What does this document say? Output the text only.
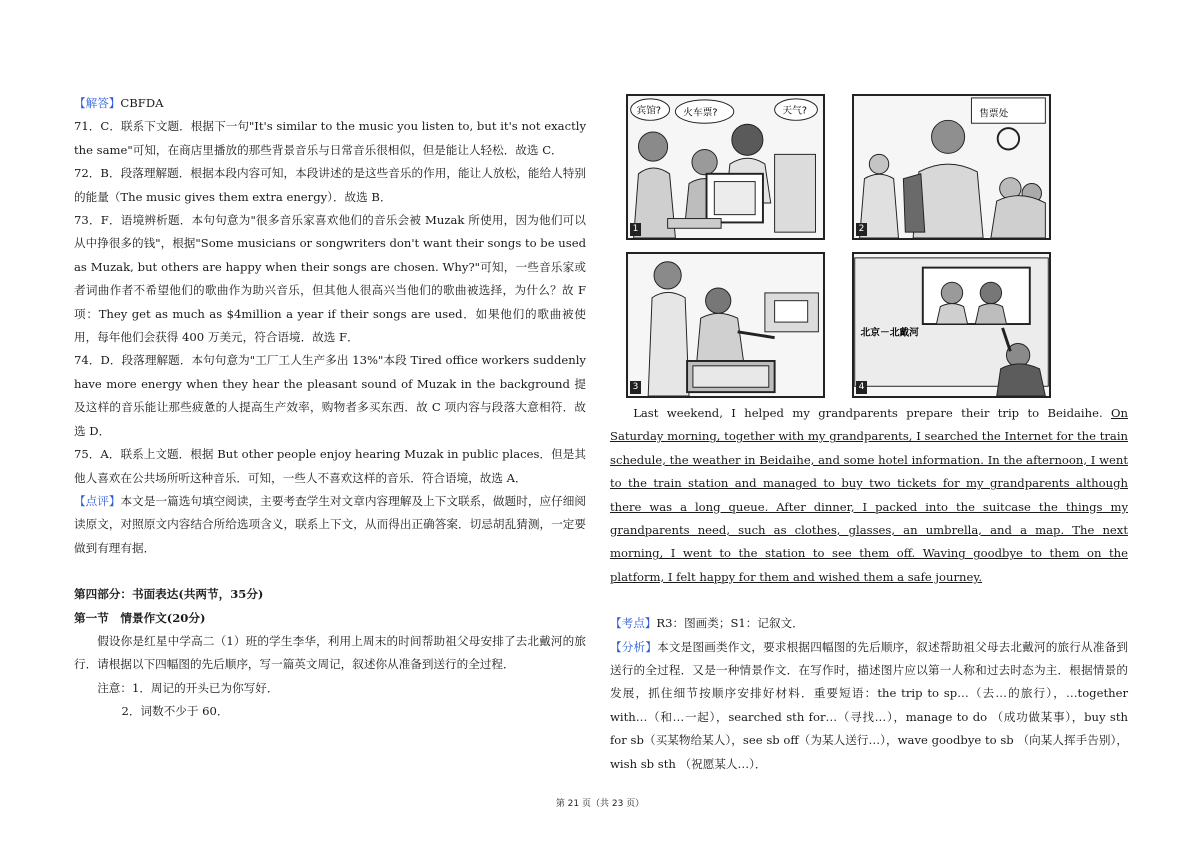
【解答】CBFDA

71．C．联系下文题．根据下一句"It's similar to the music you listen to, but it's not exactly the same"可知，在商店里播放的那些背景音乐与日常音乐很相似，但是能让人轻松．故选 C．

72．B．段落理解题．根据本段内容可知，本段讲述的是这些音乐的作用，能让人放松，能给人特别的能量（The music gives them extra energy）．故选 B．

73．F．语境辨析题．本句句意为"很多音乐家喜欢他们的音乐会被 Muzak 所使用，因为他们可以从中挣很多的钱"，根据"Some musicians or songwriters don't want their songs to be used as Muzak, but others are happy when their songs are chosen. Why?"可知，一些音乐家或者词曲作者不希望他们的歌曲作为助兴音乐，但其他人很高兴当他们的歌曲被选择，为什么？故 F 项：They get as much as $4million a year if their songs are used．如果他们的歌曲被使用，每年他们会获得 400 万美元，符合语境．故选 F．

74．D．段落理解题．本句句意为"工厂工人生产多出 13%"本段 Tired office workers suddenly have more energy when they hear the pleasant sound of Muzak in the background 提及这样的音乐能让那些疲惫的人提高生产效率，购物者多买东西．故 C 项内容与段落大意相符．故选 D．

75．A．联系上文题．根据 But other people enjoy hearing Muzak in public places．但是其他人喜欢在公共场所听这种音乐．可知，一些人不喜欢这样的音乐．符合语境，故选 A．

【点评】本文是一篇选句填空阅读，主要考查学生对文章内容理解及上下文联系，做题时，应仔细阅读原文，对照原文内容结合所给选项含义，联系上下文，从而得出正确答案．切忌胡乱猜测，一定要做到有理有据．

第四部分：书面表达(共两节，35分)

第一节　情景作文(20分)

假设你是红星中学高二（1）班的学生李华，利用上周末的时间帮助祖父母安排了去北戴河的旅行．请根据以下四幅图的先后顺序，写一篇英文周记，叙述你从准备到送行的全过程．

注意：1．周记的开头已为你写好．

2．词数不少于 60．

宾馆? 火车票?	天气?
1
售票处
2
3
北京－北戴河
4

Last weekend, I helped my grandparents prepare their trip to Beidaihe. On Saturday morning, together with my grandparents, I searched the Internet for the train schedule, the weather in Beidaihe, and some hotel information. In the afternoon, I went to the train station and managed to buy two tickets for my grandparents although there was a long queue. After dinner, I packed into the suitcase the things my grandparents need, such as clothes, glasses, an umbrella, and a map. The next morning, I went to the station to see them off. Waving goodbye to them on the platform, I felt happy for them and wished them a safe journey.

【考点】R3：图画类；S1：记叙文．

【分析】本文是图画类作文，要求根据四幅图的先后顺序，叙述帮助祖父母去北戴河的旅行从准备到送行的全过程．又是一种情景作文．在写作时，描述图片应以第一人称和过去时态为主．根据情景的发展，抓住细节按顺序安排好材料．重要短语：the trip to sp…（去…的旅行），…together with…（和…一起），searched sth for…（寻找…），manage to do （成功做某事），buy sth for sb（买某物给某人），see sb off（为某人送行…），wave goodbye to sb （向某人挥手告别），wish sb sth （祝愿某人…）．

第 21 页（共 23 页）
